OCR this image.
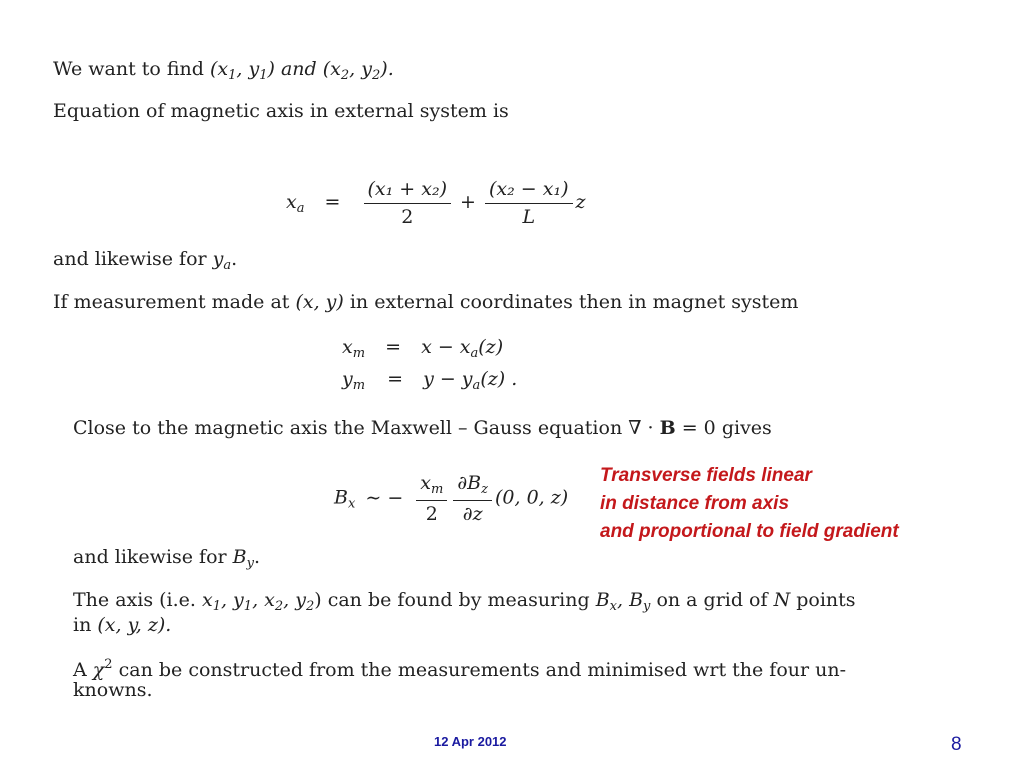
We want to find ($x_1$, $y_1$) and ($x_2$, $y_2$).
Equation of magnetic axis in external system is
$x_a = \frac{\text{(x₁ + x₂)}}{2} + \frac{\text{(x₂ − x₁)}}{L}$ z
and likewise for $y_a$.
If measurement made at (x, y) in external coordinates then in magnet system
$x_m = x - x_a(z)$
$y_m = y - y_a(z)$ .
Close to the magnetic axis the Maxwell – Gauss equation ∇ · B = 0 gives
$B_x$ ∼ − $\frac{x_m}{2} \frac{\partial B_z}{\partial z} (0$, 0, z)
Transverse fields linear
in distance from axis
and proportional to field gradient
and likewise for $B_y$.
The axis (i.e. $x_1$, $y_1$, $x_2$, $y_2$) can be found by measuring $B_x$, $B_y$ on a grid of N points
in (x, y, z).
A $\chi^2$ can be constructed from the measurements and minimised wrt the four un-
knowns.
12 Apr 2012	8
